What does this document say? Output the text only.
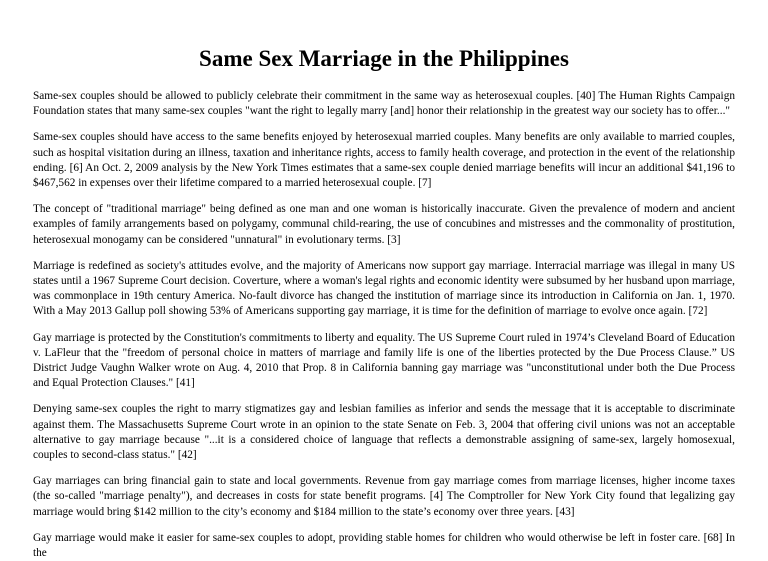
Same Sex Marriage in the Philippines

Same-sex couples should be allowed to publicly celebrate their commitment in the same way as heterosexual couples. [40] The Human Rights Campaign Foundation states that many same-sex couples "want the right to legally marry [and] honor their relationship in the greatest way our society has to offer..."

Same-sex couples should have access to the same benefits enjoyed by heterosexual married couples. Many benefits are only available to married couples, such as hospital visitation during an illness, taxation and inheritance rights, access to family health coverage, and protection in the event of the relationship ending. [6] An Oct. 2, 2009 analysis by the New York Times estimates that a same-sex couple denied marriage benefits will incur an additional $41,196 to $467,562 in expenses over their lifetime compared to a married heterosexual couple. [7]

The concept of "traditional marriage" being defined as one man and one woman is historically inaccurate. Given the prevalence of modern and ancient examples of family arrangements based on polygamy, communal child-rearing, the use of concubines and mistresses and the commonality of prostitution, heterosexual monogamy can be considered "unnatural" in evolutionary terms. [3]

Marriage is redefined as society's attitudes evolve, and the majority of Americans now support gay marriage. Interracial marriage was illegal in many US states until a 1967 Supreme Court decision. Coverture, where a woman's legal rights and economic identity were subsumed by her husband upon marriage, was commonplace in 19th century America. No-fault divorce has changed the institution of marriage since its introduction in California on Jan. 1, 1970. With a May 2013 Gallup poll showing 53% of Americans supporting gay marriage, it is time for the definition of marriage to evolve once again. [72]

Gay marriage is protected by the Constitution's commitments to liberty and equality. The US Supreme Court ruled in 1974’s Cleveland Board of Education v. LaFleur that the "freedom of personal choice in matters of marriage and family life is one of the liberties protected by the Due Process Clause.” US District Judge Vaughn Walker wrote on Aug. 4, 2010 that Prop. 8 in California banning gay marriage was "unconstitutional under both the Due Process and Equal Protection Clauses." [41]

Denying same-sex couples the right to marry stigmatizes gay and lesbian families as inferior and sends the message that it is acceptable to discriminate against them. The Massachusetts Supreme Court wrote in an opinion to the state Senate on Feb. 3, 2004 that offering civil unions was not an acceptable alternative to gay marriage because "...it is a considered choice of language that reflects a demonstrable assigning of same-sex, largely homosexual, couples to second-class status." [42]

Gay marriages can bring financial gain to state and local governments. Revenue from gay marriage comes from marriage licenses, higher income taxes (the so-called "marriage penalty"), and decreases in costs for state benefit programs. [4] The Comptroller for New York City found that legalizing gay marriage would bring $142 million to the city’s economy and $184 million to the state’s economy over three years. [43]

Gay marriage would make it easier for same-sex couples to adopt, providing stable homes for children who would otherwise be left in foster care. [68] In the
